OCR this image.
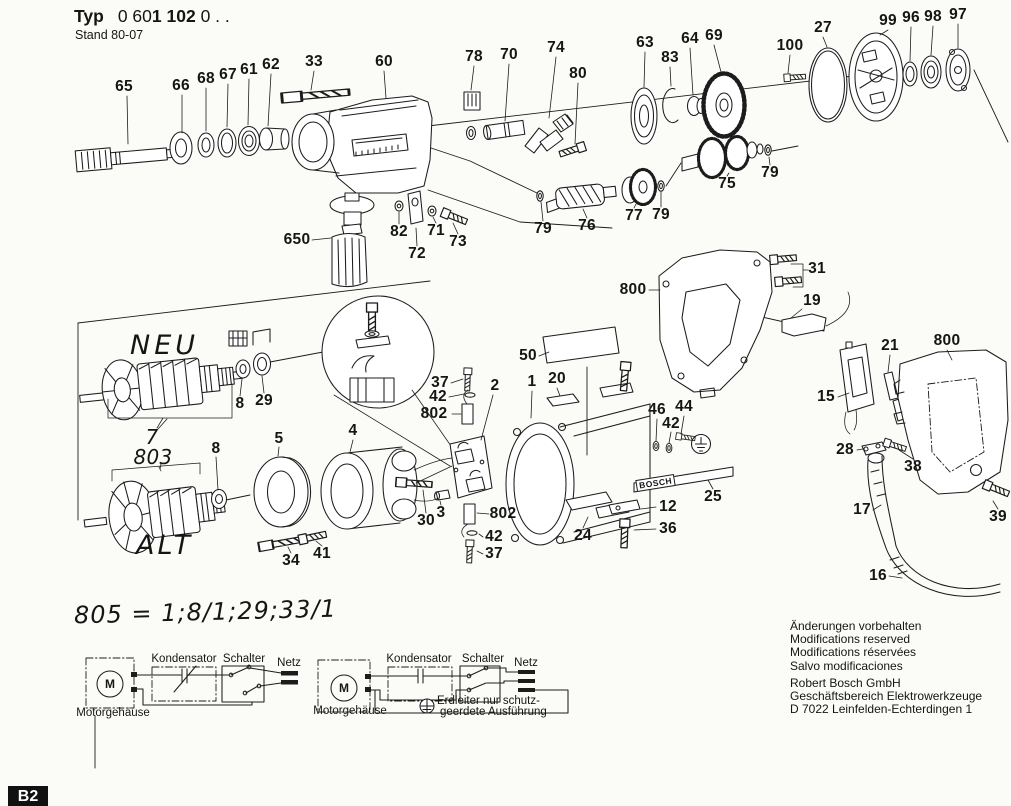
Typ 0 601 102 0 . .
Stand 80-07
NEU
ALT
805 = 1;8/1;29;33/1
BOSCH
65	66 68 67 61 62 33	60	78 70 74
80
63
83
64 69
100
27	99 96 98 97
650	82
72
71
73
79 76
77 79
75
79
800
31
19
21 800
15
28
38
17	39
16
7
8 29
803	8
5
34 41
4
37
42
802
2
30 3	802
42
37
50
1 20
24
12
36
25
46 44
42
Kondensator Schalter Netz
Motorgehäuse
M
Kondensator Schalter Netz
Motorgehäuse
M
Erdleiter nur schutz-
geerdete Ausführung
Änderungen vorbehalten
Modifications reserved
Modifications réservées
Salvo modificaciones
Robert Bosch GmbH
Geschäftsbereich Elektrowerkzeuge
D 7022 Leinfelden-Echterdingen 1
B2
